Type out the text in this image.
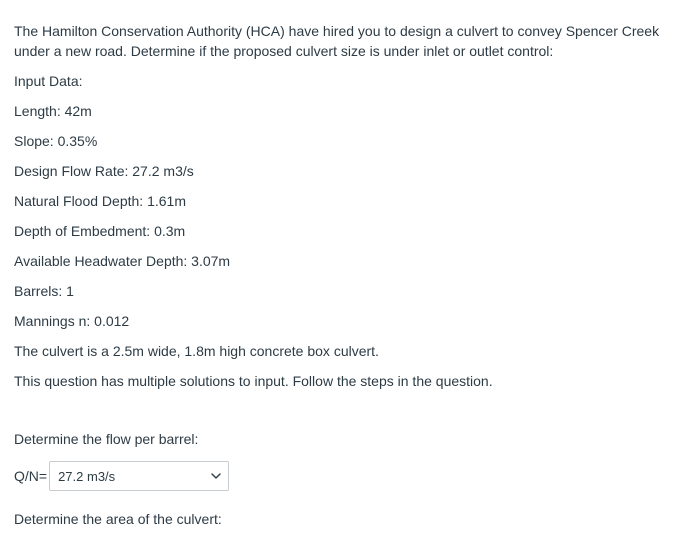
The Hamilton Conservation Authority (HCA) have hired you to design a culvert to convey Spencer Creek under a new road. Determine if the proposed culvert size is under inlet or outlet control:

Input Data:
Length: 42m
Slope: 0.35%
Design Flow Rate: 27.2 m3/s
Natural Flood Depth: 1.61m
Depth of Embedment: 0.3m
Available Headwater Depth: 3.07m
Barrels: 1
Mannings n: 0.012
The culvert is a 2.5m wide, 1.8m high concrete box culvert.
This question has multiple solutions to input. Follow the steps in the question.
Determine the flow per barrel:
Q/N= 27.2 m3/s
Determine the area of the culvert:
